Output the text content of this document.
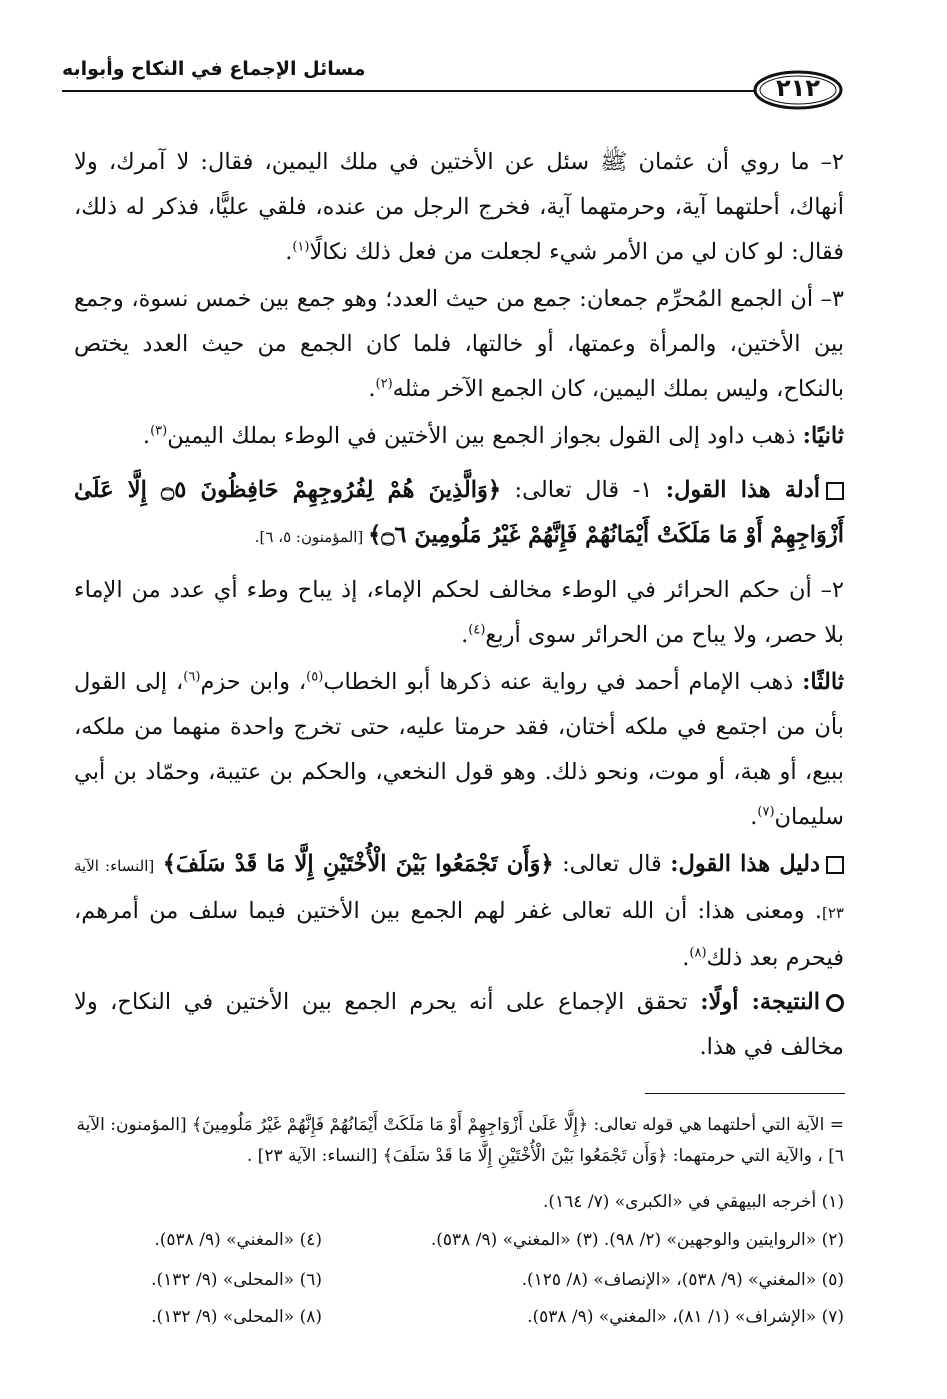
مسائل الإجماع في النكاح وأبوابه
٢١٢

٢– ما روي أن عثمان ﷺ سئل عن الأختين في ملك اليمين، فقال: لا آمرك، ولا أنهاك، أحلتهما آية، وحرمتهما آية، فخرج الرجل من عنده، فلقي عليًّا، فذكر له ذلك، فقال: لو كان لي من الأمر شيء لجعلت من فعل ذلك نكالًا$^{(١)}$.

٣– أن الجمع المُحرِّم جمعان: جمع من حيث العدد؛ وهو جمع بين خمس نسوة، وجمع بين الأختين، والمرأة وعمتها، أو خالتها، فلما كان الجمع من حيث العدد يختص بالنكاح، وليس بملك اليمين، كان الجمع الآخر مثله$^{(٢)}$.

ثانيًا: ذهب داود إلى القول بجواز الجمع بين الأختين في الوطء بملك اليمين$^{(٣)}$.

أدلة هذا القول: ١- قال تعالى: ﴿وَالَّذِينَ هُمْ لِفُرُوجِهِمْ حَافِظُونَ ۝٥ إِلَّا عَلَىٰ أَزْوَاجِهِمْ أَوْ مَا مَلَكَتْ أَيْمَانُهُمْ فَإِنَّهُمْ غَيْرُ مَلُومِينَ ۝٦﴾ [المؤمنون: ٥، ٦].

٢– أن حكم الحرائر في الوطء مخالف لحكم الإماء، إذ يباح وطء أي عدد من الإماء بلا حصر، ولا يباح من الحرائر سوى أربع$^{(٤)}$.

ثالثًا: ذهب الإمام أحمد في رواية عنه ذكرها أبو الخطاب$^{(٥)}$، وابن حزم$^{(٦)}$، إلى القول بأن من اجتمع في ملكه أختان، فقد حرمتا عليه، حتى تخرج واحدة منهما من ملكه، ببيع، أو هبة، أو موت، ونحو ذلك. وهو قول النخعي، والحكم بن عتيبة، وحمّاد بن أبي سليمان$^{(٧)}$.

دليل هذا القول: قال تعالى: ﴿وَأَن تَجْمَعُوا بَيْنَ الْأُخْتَيْنِ إِلَّا مَا قَدْ سَلَفَ﴾ [النساء: الآية ٢٣]. ومعنى هذا: أن الله تعالى غفر لهم الجمع بين الأختين فيما سلف من أمرهم، فيحرم بعد ذلك$^{(٨)}$.

النتيجة: أولًا: تحقق الإجماع على أنه يحرم الجمع بين الأختين في النكاح، ولا مخالف في هذا.

= الآية التي أحلتهما هي قوله تعالى: ﴿إِلَّا عَلَىٰ أَزْوَاجِهِمْ أَوْ مَا مَلَكَتْ أَيْمَانُهُمْ فَإِنَّهُمْ غَيْرُ مَلُومِينَ﴾ [المؤمنون: الآية ٦] ، والآية التي حرمتهما: ﴿وَأَن تَجْمَعُوا بَيْنَ الْأُخْتَيْنِ إِلَّا مَا قَدْ سَلَفَ﴾ [النساء: الآية ٢٣] .

(١) أخرجه البيهقي في «الكبرى» (٧/ ١٦٤).

(٢) «الروايتين والوجهين» (٢/ ٩٨). (٣) «المغني» (٩/ ٥٣٨).
(٤) «المغني» (٩/ ٥٣٨).
(٥) «المغني» (٩/ ٥٣٨)، «الإنصاف» (٨/ ١٢٥).
(٦) «المحلى» (٩/ ١٣٢).
(٧) «الإشراف» (١/ ٨١)، «المغني» (٩/ ٥٣٨).
(٨) «المحلى» (٩/ ١٣٢).
